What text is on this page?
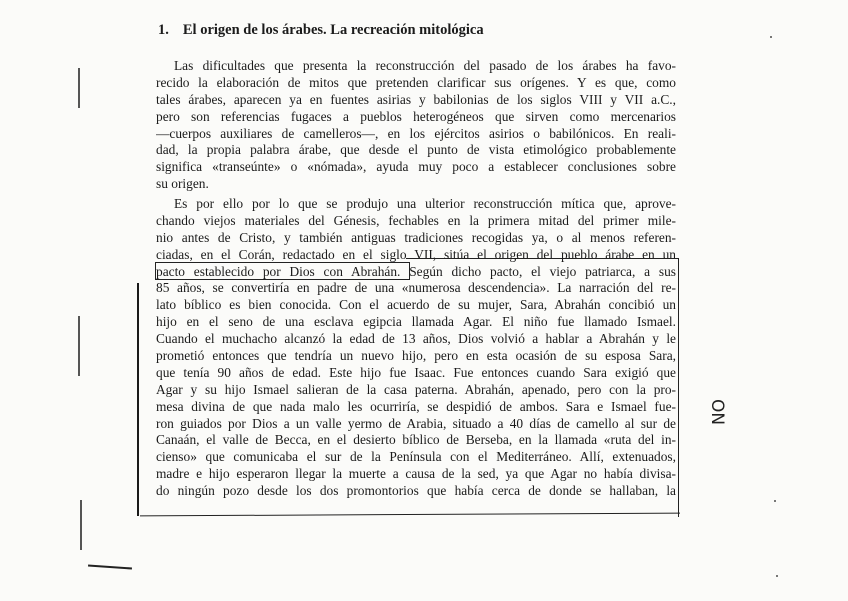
1. El origen de los árabes. La recreación mitológica
Las dificultades que presenta la reconstrucción del pasado de los árabes ha favo-
recido la elaboración de mitos que pretenden clarificar sus orígenes. Y es que, como
tales árabes, aparecen ya en fuentes asirias y babilonias de los siglos VIII y VII a.C.,
pero son referencias fugaces a pueblos heterogéneos que sirven como mercenarios
—cuerpos auxiliares de camelleros—, en los ejércitos asirios o babilónicos. En reali-
dad, la propia palabra árabe, que desde el punto de vista etimológico probablemente
significa «transeúnte» o «nómada», ayuda muy poco a establecer conclusiones sobre
su origen.
Es por ello por lo que se produjo una ulterior reconstrucción mítica que, aprove-
chando viejos materiales del Génesis, fechables en la primera mitad del primer mile-
nio antes de Cristo, y también antiguas tradiciones recogidas ya, o al menos referen-
ciadas, en el Corán, redactado en el siglo VII, sitúa el origen del pueblo árabe en un
pacto establecido por Dios con Abrahán. Según dicho pacto, el viejo patriarca, a sus
85 años, se convertiría en padre de una «numerosa descendencia». La narración del re-
lato bíblico es bien conocida. Con el acuerdo de su mujer, Sara, Abrahán concibió un
hijo en el seno de una esclava egipcia llamada Agar. El niño fue llamado Ismael.
Cuando el muchacho alcanzó la edad de 13 años, Dios volvió a hablar a Abrahán y le
prometió entonces que tendría un nuevo hijo, pero en esta ocasión de su esposa Sara,
que tenía 90 años de edad. Este hijo fue Isaac. Fue entonces cuando Sara exigió que
Agar y su hijo Ismael salieran de la casa paterna. Abrahán, apenado, pero con la pro-
mesa divina de que nada malo les ocurriría, se despidió de ambos. Sara e Ismael fue-
ron guiados por Dios a un valle yermo de Arabia, situado a 40 días de camello al sur de
Canaán, el valle de Becca, en el desierto bíblico de Berseba, en la llamada «ruta del in-
cienso» que comunicaba el sur de la Península con el Mediterráneo. Allí, extenuados,
madre e hijo esperaron llegar la muerte a causa de la sed, ya que Agar no había divisa-
do ningún pozo desde los dos promontorios que había cerca de donde se hallaban, la
ON
